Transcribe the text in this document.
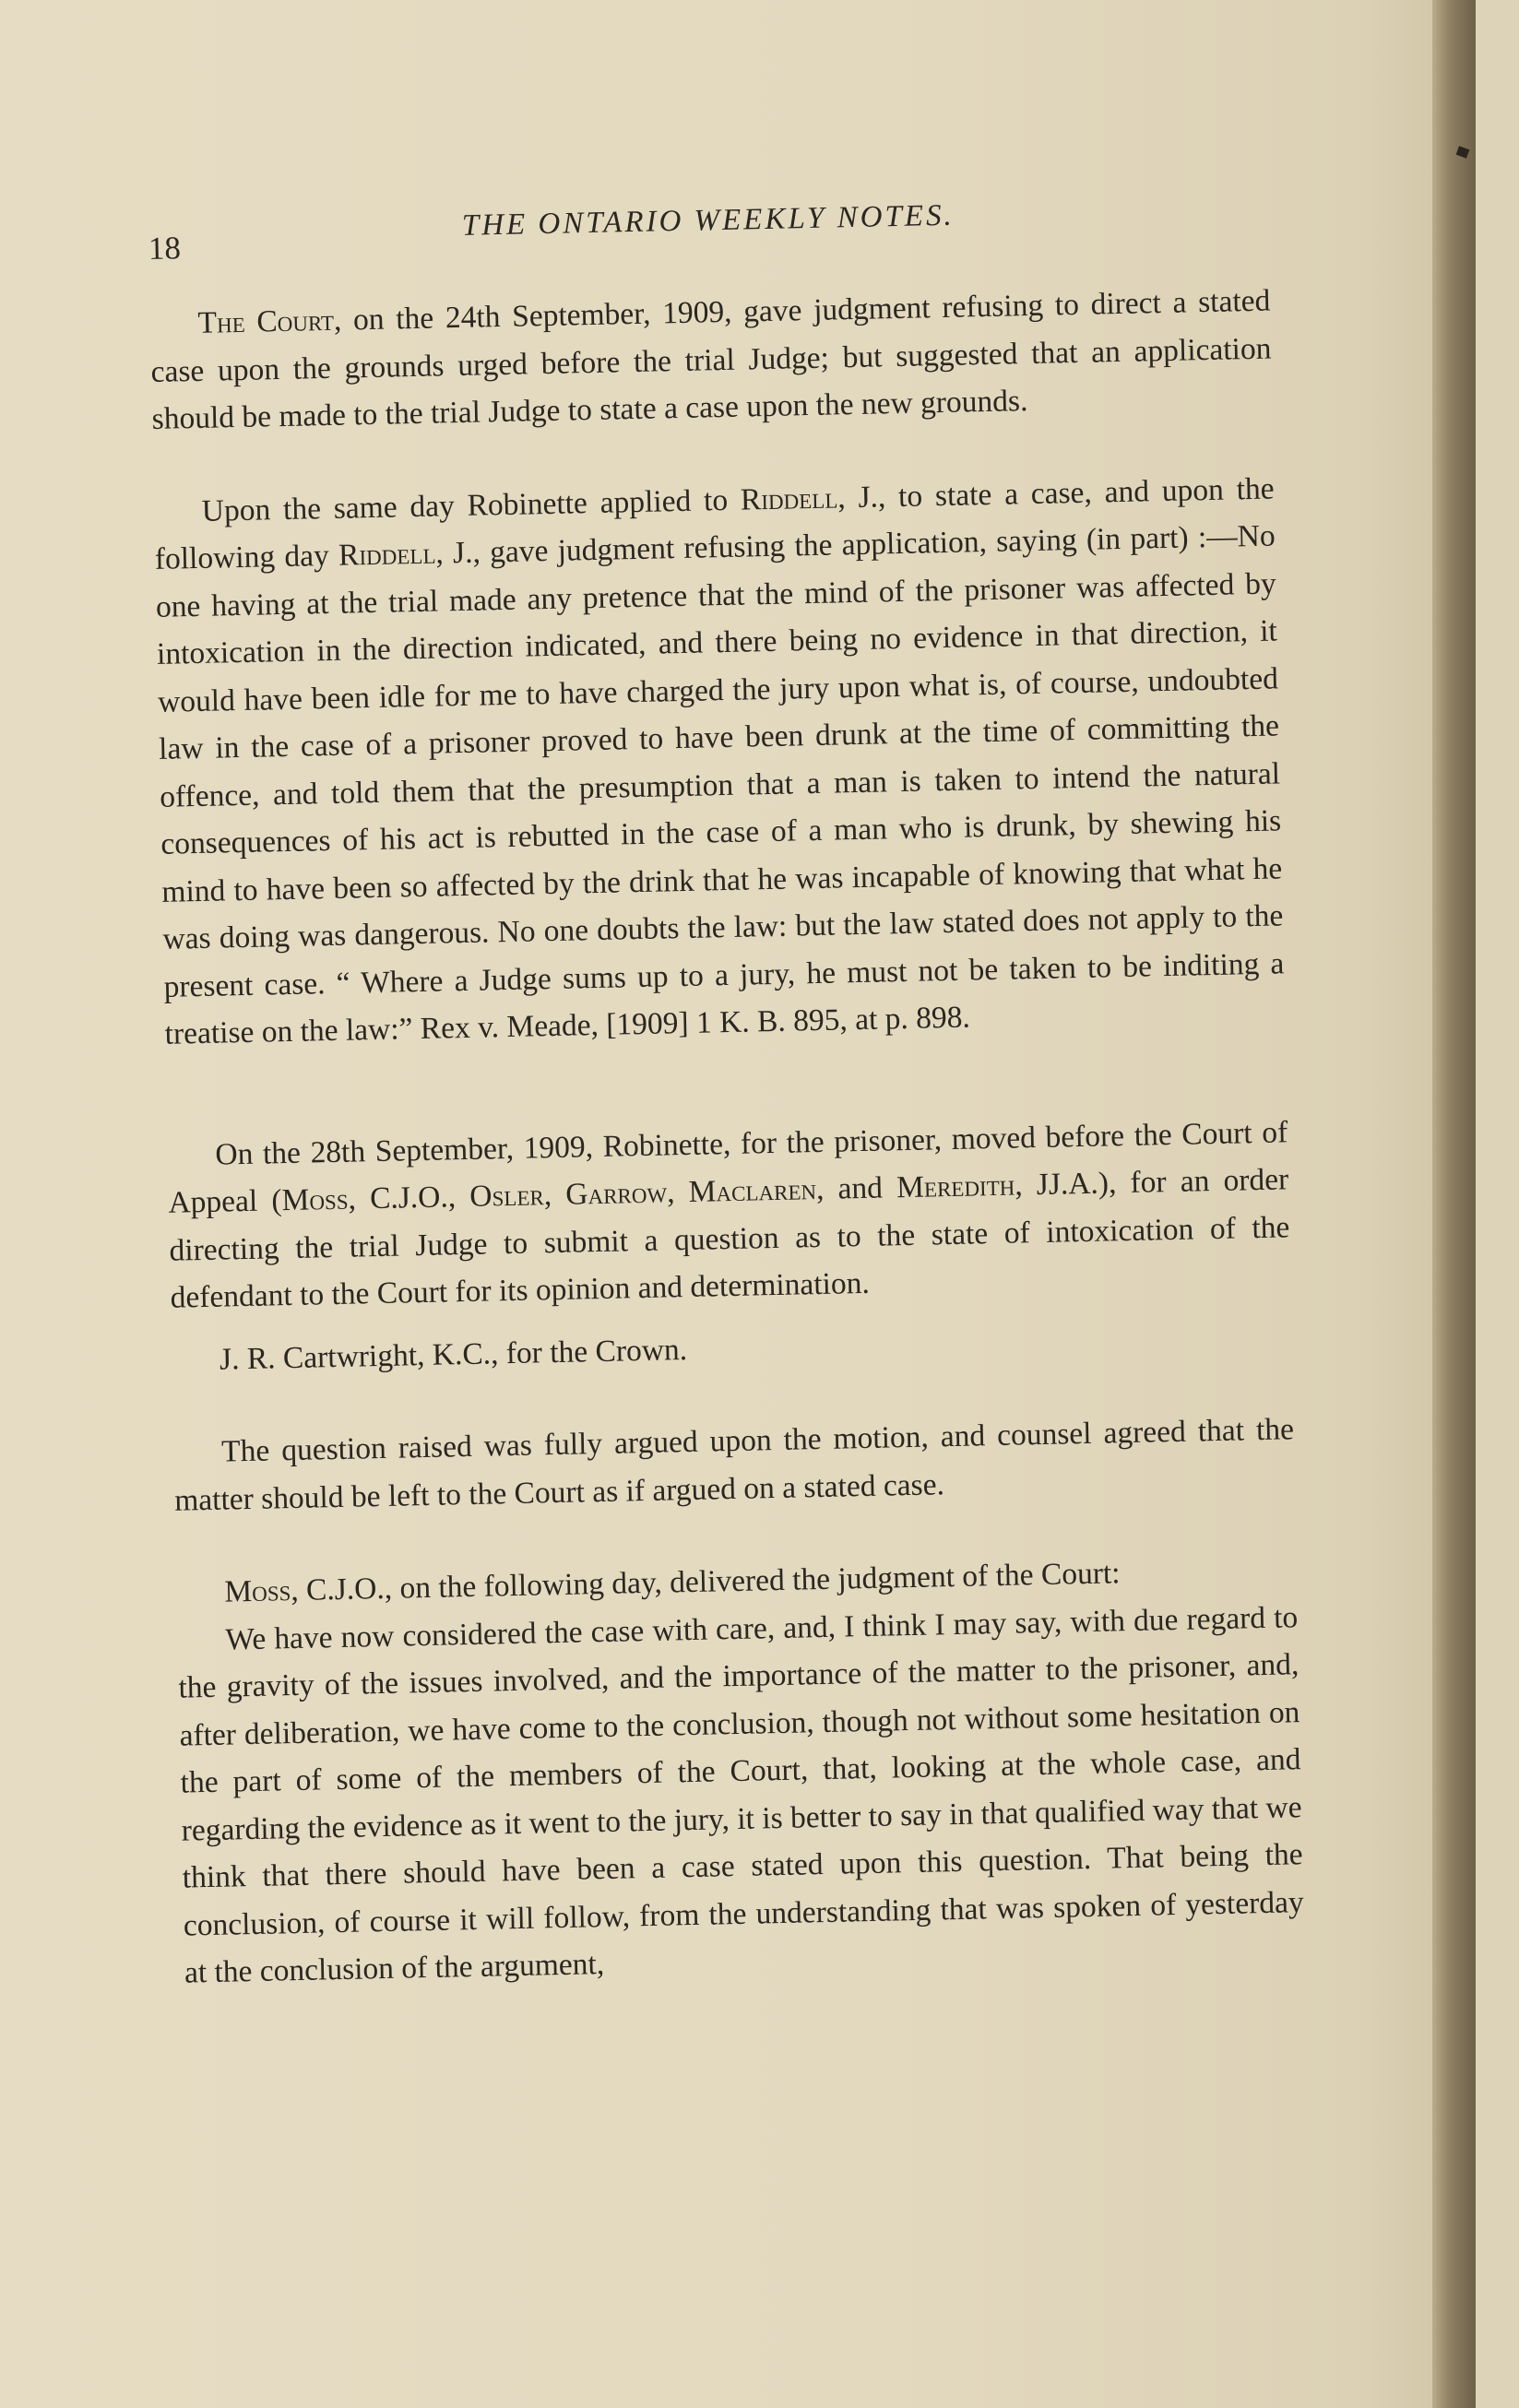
18
THE ONTARIO WEEKLY NOTES.

The Court, on the 24th September, 1909, gave judgment refusing to direct a stated case upon the grounds urged before the trial Judge; but suggested that an application should be made to the trial Judge to state a case upon the new grounds.

Upon the same day Robinette applied to Riddell, J., to state a case, and upon the following day Riddell, J., gave judgment refusing the application, saying (in part) :—No one having at the trial made any pretence that the mind of the prisoner was affected by intoxication in the direction indicated, and there being no evidence in that direction, it would have been idle for me to have charged the jury upon what is, of course, undoubted law in the case of a prisoner proved to have been drunk at the time of committing the offence, and told them that the presumption that a man is taken to intend the natural consequences of his act is rebutted in the case of a man who is drunk, by shewing his mind to have been so affected by the drink that he was incapable of knowing that what he was doing was dangerous. No one doubts the law: but the law stated does not apply to the present case. “ Where a Judge sums up to a jury, he must not be taken to be inditing a treatise on the law:” Rex v. Meade, [1909] 1 K. B. 895, at p. 898.

On the 28th September, 1909, Robinette, for the prisoner, moved before the Court of Appeal (Moss, C.J.O., Osler, Garrow, Maclaren, and Meredith, JJ.A.), for an order directing the trial Judge to submit a question as to the state of intoxication of the defendant to the Court for its opinion and determination.

J. R. Cartwright, K.C., for the Crown.

The question raised was fully argued upon the motion, and counsel agreed that the matter should be left to the Court as if argued on a stated case.

Moss, C.J.O., on the following day, delivered the judgment of the Court:

We have now considered the case with care, and, I think I may say, with due regard to the gravity of the issues involved, and the importance of the matter to the prisoner, and, after deliberation, we have come to the conclusion, though not without some hesitation on the part of some of the members of the Court, that, looking at the whole case, and regarding the evidence as it went to the jury, it is better to say in that qualified way that we think that there should have been a case stated upon this question. That being the conclusion, of course it will follow, from the understanding that was spoken of yesterday at the conclusion of the argument,
